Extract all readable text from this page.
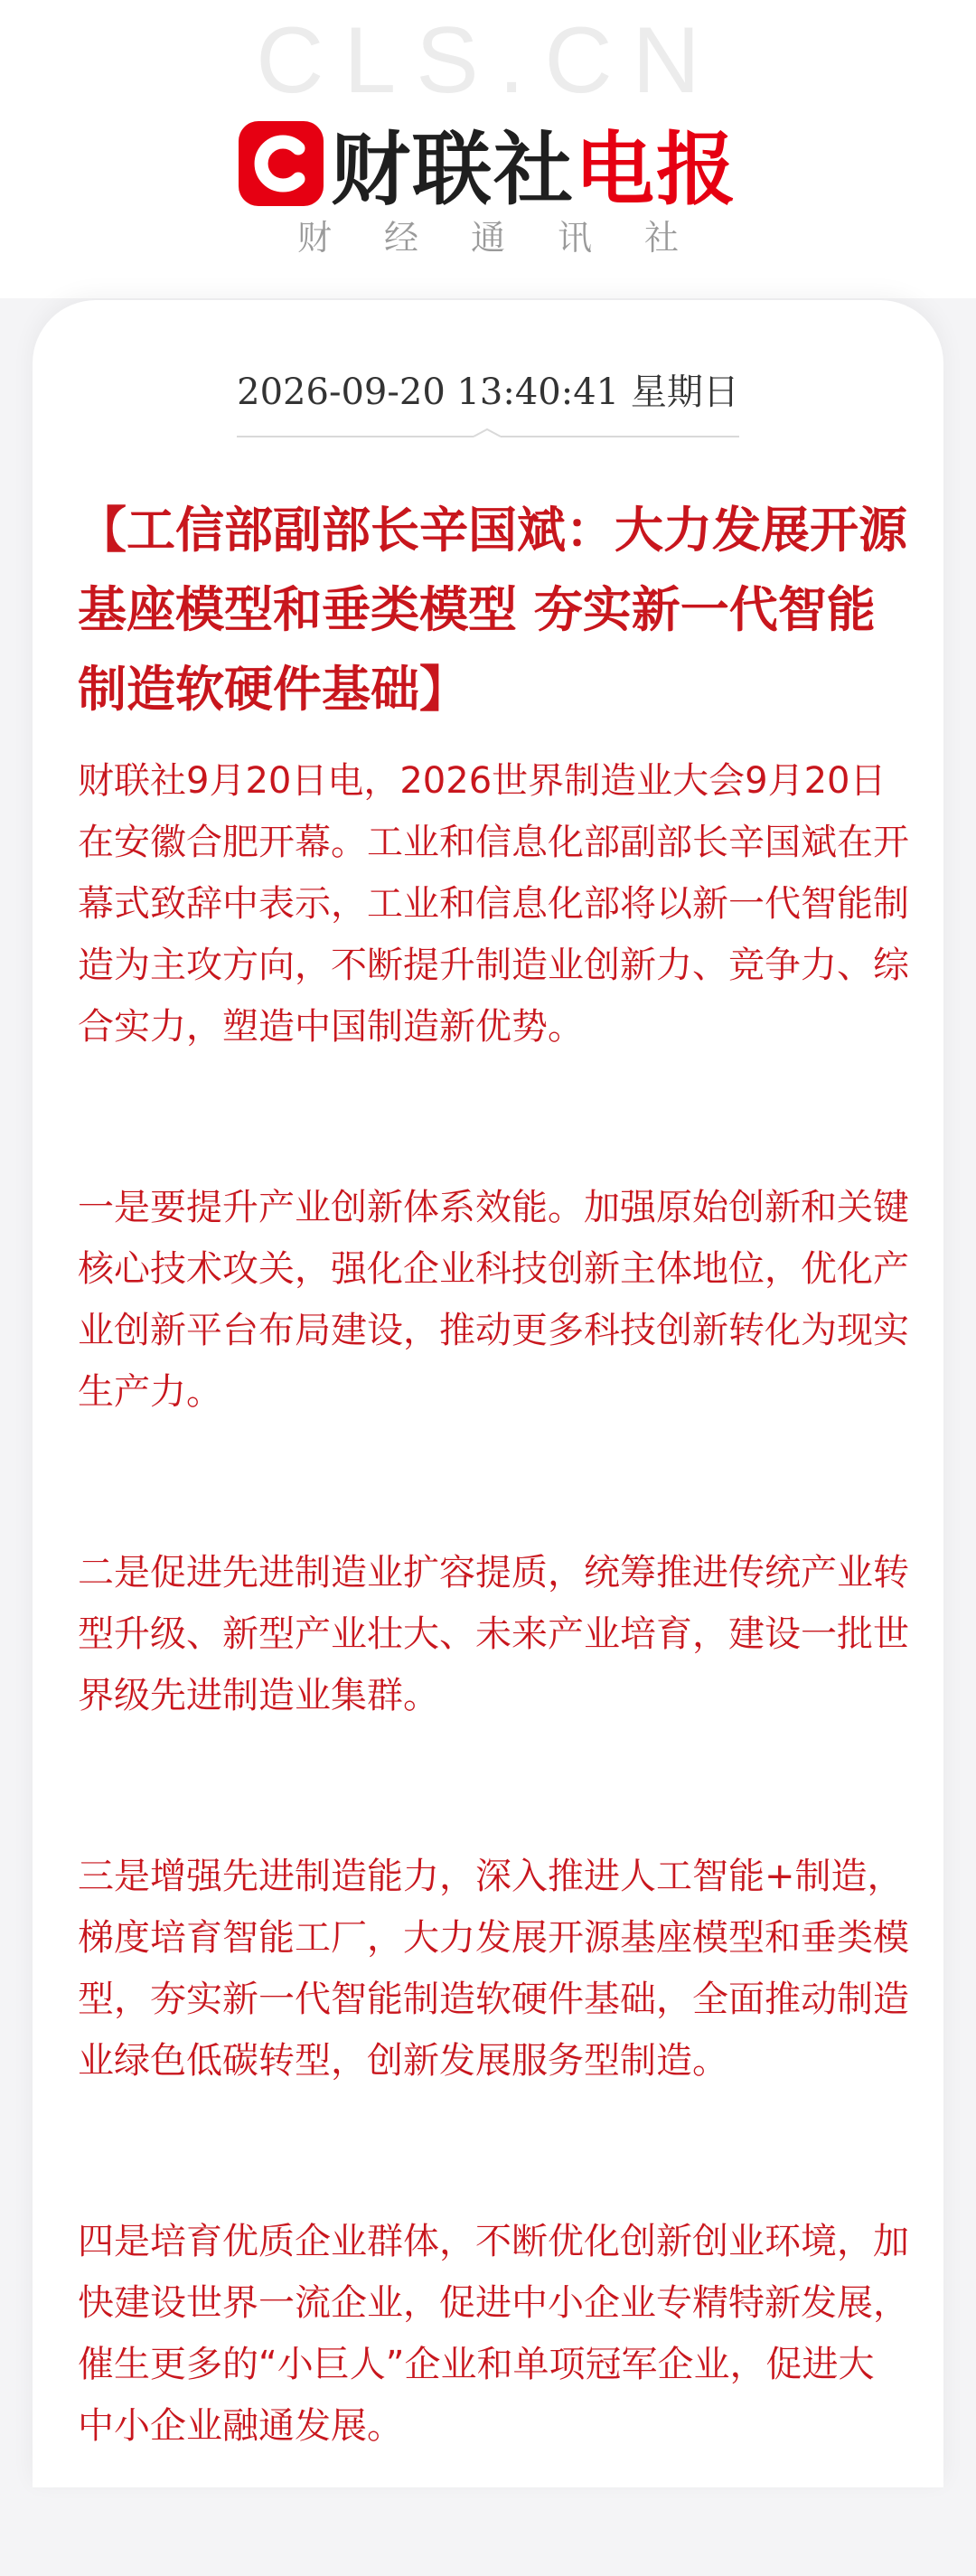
CLS.CN
财联社 电报
财经通讯社
2026-09-20 13:40:41 星期日
【工信部副部长辛国斌：大力发展开源基座模型和垂类模型 夯实新一代智能制造软硬件基础】

财联社9月20日电，2026世界制造业大会9月20日在安徽合肥开幕。工业和信息化部副部长辛国斌在开幕式致辞中表示，工业和信息化部将以新一代智能制造为主攻方向，不断提升制造业创新力、竞争力、综合实力，塑造中国制造新优势。

一是要提升产业创新体系效能。加强原始创新和关键核心技术攻关，强化企业科技创新主体地位，优化产业创新平台布局建设，推动更多科技创新转化为现实生产力。

二是促进先进制造业扩容提质，统筹推进传统产业转型升级、新型产业壮大、未来产业培育，建设一批世界级先进制造业集群。

三是增强先进制造能力，深入推进人工智能+制造，梯度培育智能工厂，大力发展开源基座模型和垂类模型，夯实新一代智能制造软硬件基础，全面推动制造业绿色低碳转型，创新发展服务型制造。

四是培育优质企业群体，不断优化创新创业环境，加快建设世界一流企业，促进中小企业专精特新发展，催生更多的“小巨人”企业和单项冠军企业，促进大中小企业融通发展。
